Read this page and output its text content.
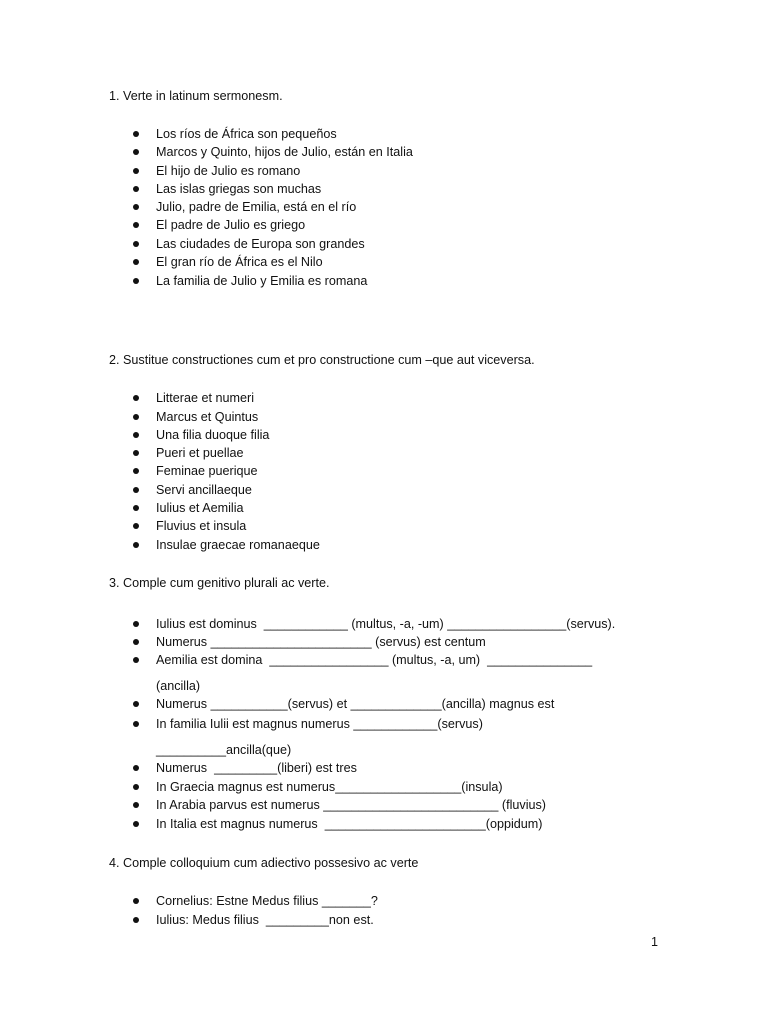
1. Verte in latinum sermonesm.
Los ríos de África son pequeños
Marcos y Quinto, hijos de Julio, están en Italia
El hijo de Julio es romano
Las islas griegas son muchas
Julio, padre de Emilia, está en el río
El padre de Julio es griego
Las ciudades de Europa son grandes
El gran río de África es el Nilo
La familia de Julio y Emilia es romana
2. Sustitue constructiones cum et pro constructione cum –que aut viceversa.
Litterae et numeri
Marcus et Quintus
Una filia duoque filia
Pueri et puellae
Feminae puerique
Servi ancillaeque
Iulius et Aemilia
Fluvius et insula
Insulae graecae romanaeque
3. Comple cum genitivo plurali ac verte.
Iulius est dominus  ____________ (multus, -a, -um) _________________(servus).
Numerus _______________________ (servus) est centum
Aemilia est domina  _________________ (multus, -a, um)  _______________
Numerus ___________(servus) et _____________(ancilla) magnus est
In familia Iulii est magnus numerus ____________(servus)
Numerus  _________(liberi) est tres
In Graecia magnus est numerus__________________(insula)
In Arabia parvus est numerus _________________________ (fluvius)
In Italia est magnus numerus  _______________________(oppidum)
(ancilla)
__________ancilla(que)
4. Comple colloquium cum adiectivo possesivo ac verte
Cornelius: Estne Medus filius _______?
Iulius: Medus filius  _________non est.
1
